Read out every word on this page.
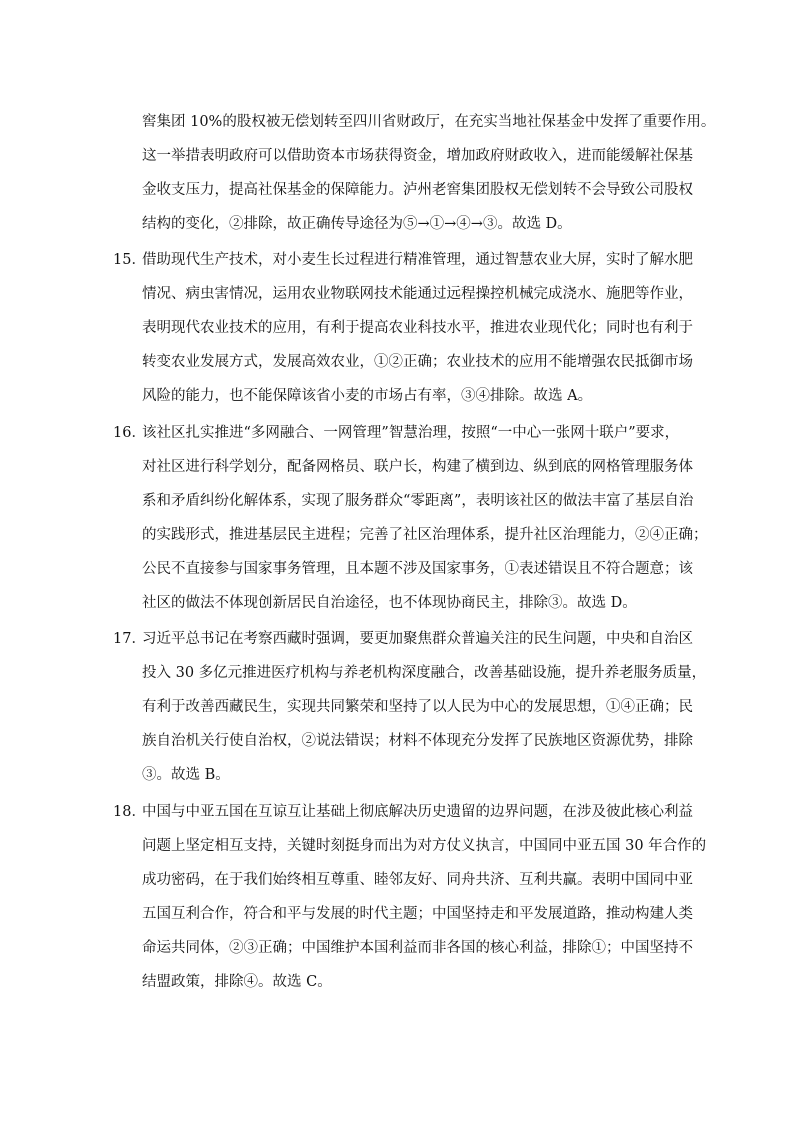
窖集团 10%的股权被无偿划转至四川省财政厅，在充实当地社保基金中发挥了重要作用。
这一举措表明政府可以借助资本市场获得资金，增加政府财政收入，进而能缓解社保基
金收支压力，提高社保基金的保障能力。泸州老窖集团股权无偿划转不会导致公司股权
结构的变化，②排除，故正确传导途径为⑤→①→④→③。故选 D。
15．
借助现代生产技术，对小麦生长过程进行精准管理，通过智慧农业大屏，实时了解水肥
情况、病虫害情况，运用农业物联网技术能通过远程操控机械完成浇水、施肥等作业，
表明现代农业技术的应用，有利于提高农业科技水平，推进农业现代化；同时也有利于
转变农业发展方式，发展高效农业，①②正确；农业技术的应用不能增强农民抵御市场
风险的能力，也不能保障该省小麦的市场占有率，③④排除。故选 A。
16．
该社区扎实推进“多网融合、一网管理”智慧治理，按照“一中心一张网十联户”要求，
对社区进行科学划分，配备网格员、联户长，构建了横到边、纵到底的网格管理服务体
系和矛盾纠纷化解体系，实现了服务群众“零距离”，表明该社区的做法丰富了基层自治
的实践形式，推进基层民主进程；完善了社区治理体系，提升社区治理能力，②④正确；
公民不直接参与国家事务管理，且本题不涉及国家事务，①表述错误且不符合题意；该
社区的做法不体现创新居民自治途径，也不体现协商民主，排除③。故选 D。
17．
习近平总书记在考察西藏时强调，要更加聚焦群众普遍关注的民生问题，中央和自治区
投入 30 多亿元推进医疗机构与养老机构深度融合，改善基础设施，提升养老服务质量，
有利于改善西藏民生，实现共同繁荣和坚持了以人民为中心的发展思想，①④正确；民
族自治机关行使自治权，②说法错误；材料不体现充分发挥了民族地区资源优势，排除
③。故选 B。
18．
中国与中亚五国在互谅互让基础上彻底解决历史遗留的边界问题，在涉及彼此核心利益
问题上坚定相互支持，关键时刻挺身而出为对方仗义执言，中国同中亚五国 30 年合作的
成功密码，在于我们始终相互尊重、睦邻友好、同舟共济、互利共赢。表明中国同中亚
五国互利合作，符合和平与发展的时代主题；中国坚持走和平发展道路，推动构建人类
命运共同体，②③正确；中国维护本国利益而非各国的核心利益，排除①；中国坚持不
结盟政策，排除④。故选 C。
